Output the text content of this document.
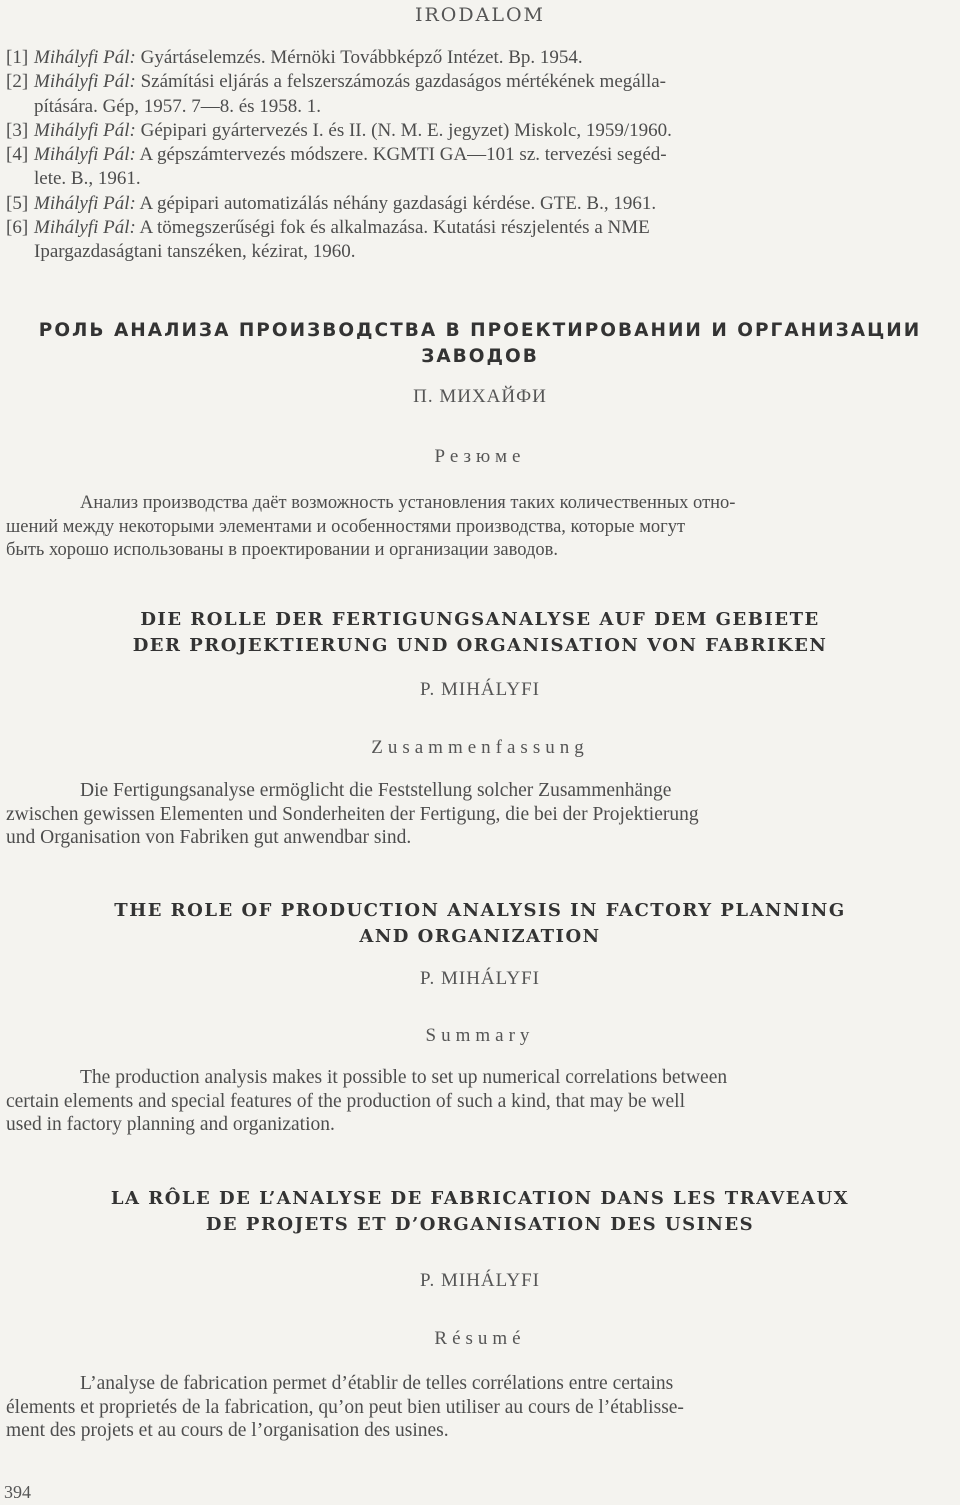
IRODALOM
[1] Mihályfi Pál: Gyártáselemzés. Mérnöki Továbbképző Intézet. Bp. 1954.
[2] Mihályfi Pál: Számítási eljárás a felszerszámozás gazdaságos mértékének megálla-
pítására. Gép, 1957. 7—8. és 1958. 1.
[3] Mihályfi Pál: Gépipari gyártervezés I. és II. (N. M. E. jegyzet) Miskolc, 1959/1960.
[4] Mihályfi Pál: A gépszámtervezés módszere. KGMTI GA—101 sz. tervezési segéd-
lete. B., 1961.
[5] Mihályfi Pál: A gépipari automatizálás néhány gazdasági kérdése. GTE. B., 1961.
[6] Mihályfi Pál: A tömegszerűségi fok és alkalmazása. Kutatási részjelentés a NME
Ipargazdaságtani tanszéken, kézirat, 1960.
РОЛЬ АНАЛИЗА ПРОИЗВОДСТВА В ПРОЕКТИРОВАНИИ И ОРГАНИЗАЦИИ
ЗАВОДОВ
П. МИХАЙФИ
Резюме
Анализ производства даёт возможность установления таких количественных отно-
шений между некоторыми элементами и особенностями производства, которые могут
быть хорошо использованы в проектировании и организации заводов.
DIE ROLLE DER FERTIGUNGSANALYSE AUF DEM GEBIETE
DER PROJEKTIERUNG UND ORGANISATION VON FABRIKEN
P. MIHÁLYFI
Zusammenfassung
Die Fertigungsanalyse ermöglicht die Feststellung solcher Zusammenhänge
zwischen gewissen Elementen und Sonderheiten der Fertigung, die bei der Projektierung
und Organisation von Fabriken gut anwendbar sind.
THE ROLE OF PRODUCTION ANALYSIS IN FACTORY PLANNING
AND ORGANIZATION
P. MIHÁLYFI
Summary
The production analysis makes it possible to set up numerical correlations between
certain elements and special features of the production of such a kind, that may be well
used in factory planning and organization.
LA RÔLE DE L’ANALYSE DE FABRICATION DANS LES TRAVEAUX
DE PROJETS ET D’ORGANISATION DES USINES
P. MIHÁLYFI
Résumé
L’analyse de fabrication permet d’établir de telles corrélations entre certains
élements et proprietés de la fabrication, qu’on peut bien utiliser au cours de l’établisse-
ment des projets et au cours de l’organisation des usines.
394
